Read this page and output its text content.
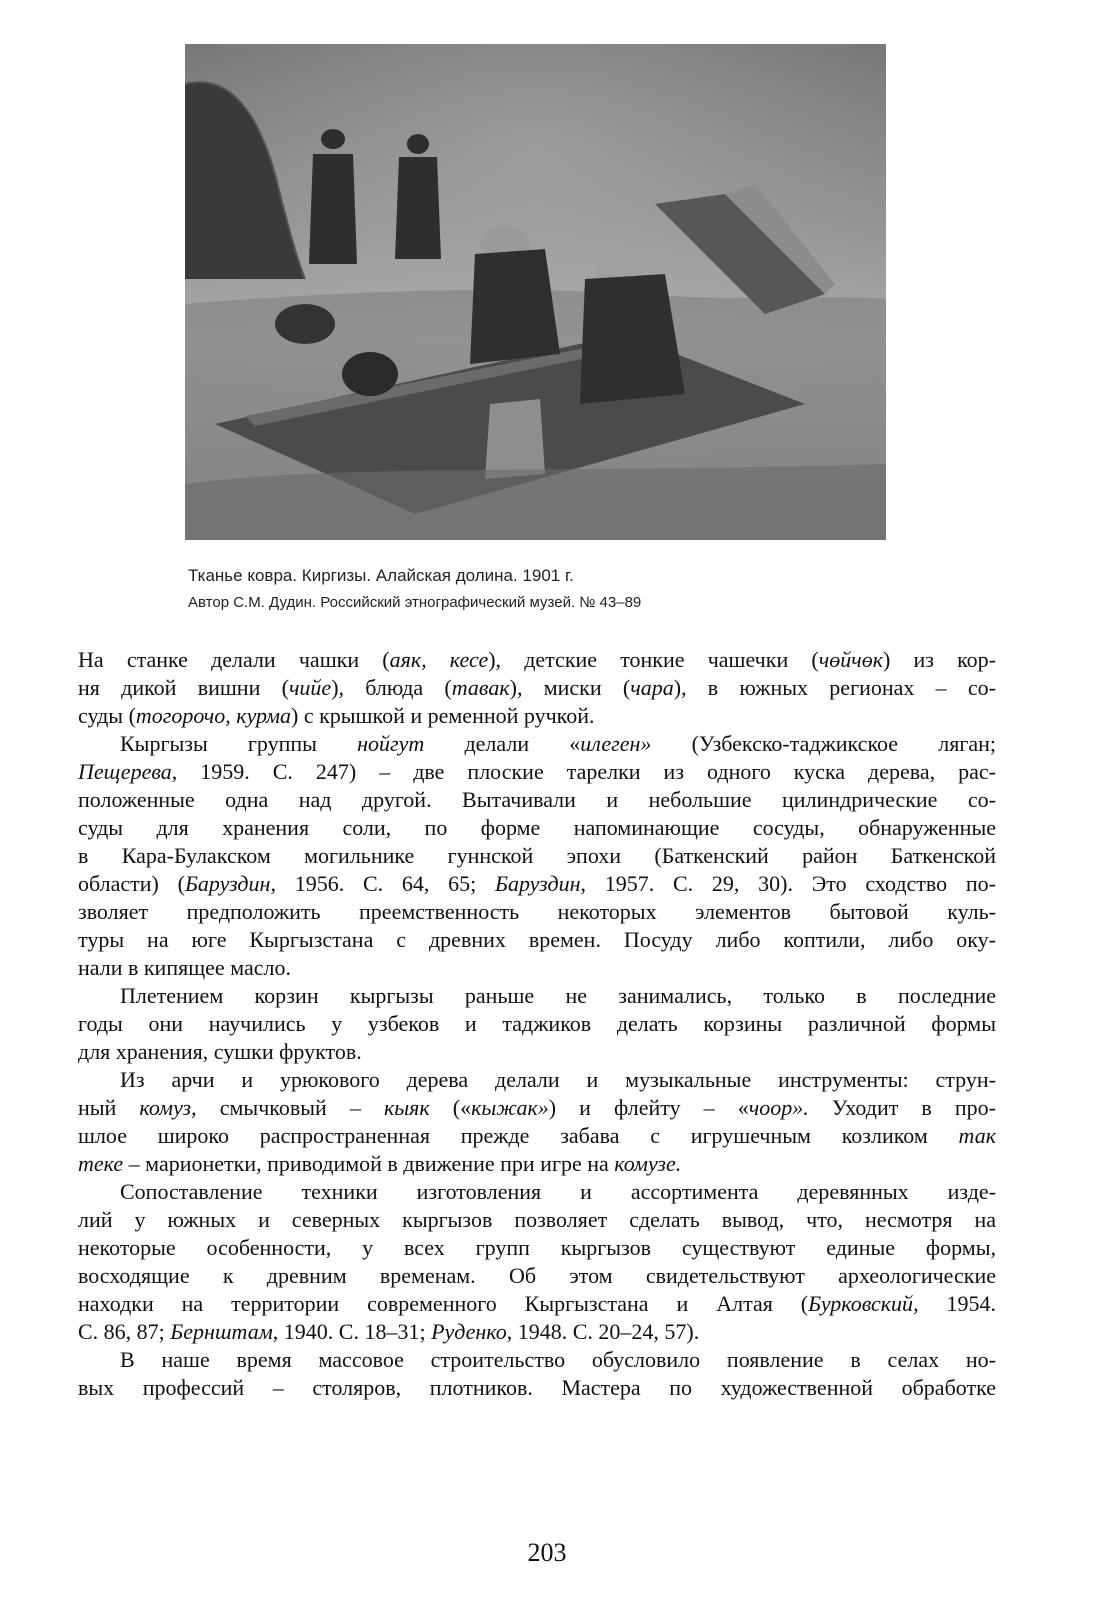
Тканье ковра. Киргизы. Алайская долина. 1901 г.
Автор С.М. Дудин. Российский этнографический музей. № 43–89
На станке делали чашки (аяк, кесе), детские тонкие чашечки (чөйчөк) из кор-
ня дикой вишни (чийе), блюда (тавак), миски (чара), в южных регионах – со-
суды (тогорочо, курма) с крышкой и ременной ручкой.
Кыргызы группы нойгут делали «илеген» (Узбекско-таджикское ляган;
Пещерева, 1959. С. 247) – две плоские тарелки из одного куска дерева, рас-
положенные одна над другой. Вытачивали и небольшие цилиндрические со-
суды для хранения соли, по форме напоминающие сосуды, обнаруженные
в Кара-Булакском могильнике гуннской эпохи (Баткенский район Баткенской
области) (Баруздин, 1956. С. 64, 65; Баруздин, 1957. С. 29, 30). Это сходство по-
зволяет предположить преемственность некоторых элементов бытовой куль-
туры на юге Кыргызстана с древних времен. Посуду либо коптили, либо оку-
нали в кипящее масло.
Плетением корзин кыргызы раньше не занимались, только в последние
годы они научились у узбеков и таджиков делать корзины различной формы
для хранения, сушки фруктов.
Из арчи и урюкового дерева делали и музыкальные инструменты: струн-
ный комуз, смычковый – кыяк («кыжак») и флейту – «чоор». Уходит в про-
шлое широко распространенная прежде забава с игрушечным козликом так
теке – марионетки, приводимой в движение при игре на комузе.
Сопоставление техники изготовления и ассортимента деревянных изде-
лий у южных и северных кыргызов позволяет сделать вывод, что, несмотря на
некоторые особенности, у всех групп кыргызов существуют единые формы,
восходящие к древним временам. Об этом свидетельствуют археологические
находки на территории современного Кыргызстана и Алтая (Бурковский, 1954.
С. 86, 87; Бернштам, 1940. С. 18–31; Руденко, 1948. С. 20–24, 57).
В наше время массовое строительство обусловило появление в селах но-
вых профессий – столяров, плотников. Мастера по художественной обработке
203
